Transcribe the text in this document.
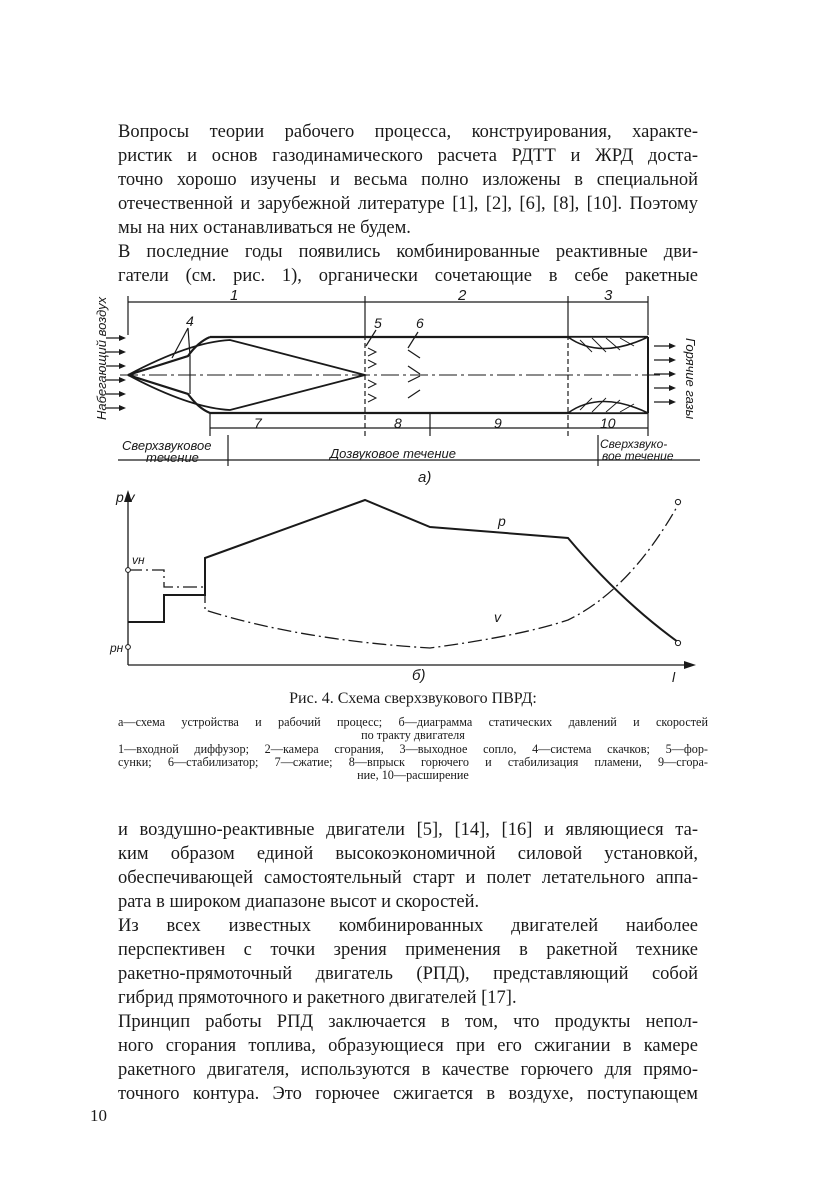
Вопросы теории рабочего процесса, конструирования, характе-
ристик и основ газодинамического расчета РДТТ и ЖРД доста-
точно хорошо изучены и весьма полно изложены в специальной
отечественной и зарубежной литературе [1], [2], [6], [8], [10]. Поэтому
мы на них останавливаться не будем.
В последние годы появились комбинированные реактивные дви-
гатели (см. рис. 1), органически сочетающие в себе ракетные
1	2	3
4	5 6
7	8	9	10
Набегающий воздух	Горячие газы
Сверхзвуковое
течение	Дозвуковое течение
Сверхзвуко-
вое течение
а)
p v
vн
pн
p
v
l
б)
Рис. 4. Схема сверхзвукового ПВРД:
а—схема устройства и рабочий процесс; б—диаграмма статических давлений и скоростей
по тракту двигателя
1—входной диффузор; 2—камера сгорания, 3—выходное сопло, 4—система скачков; 5—фор-
сунки; 6—стабилизатор; 7—сжатие; 8—впрыск горючего и стабилизация пламени, 9—сгора-
ние, 10—расширение
и воздушно-реактивные двигатели [5], [14], [16] и являющиеся та-
ким образом единой высокоэкономичной силовой установкой,
обеспечивающей самостоятельный старт и полет летательного аппа-
рата в широком диапазоне высот и скоростей.
Из всех известных комбинированных двигателей наиболее
перспективен с точки зрения применения в ракетной технике
ракетно-прямоточный двигатель (РПД), представляющий собой
гибрид прямоточного и ракетного двигателей [17].
Принцип работы РПД заключается в том, что продукты непол-
ного сгорания топлива, образующиеся при его сжигании в камере
ракетного двигателя, используются в качестве горючего для прямо-
точного контура. Это горючее сжигается в воздухе, поступающем
10
